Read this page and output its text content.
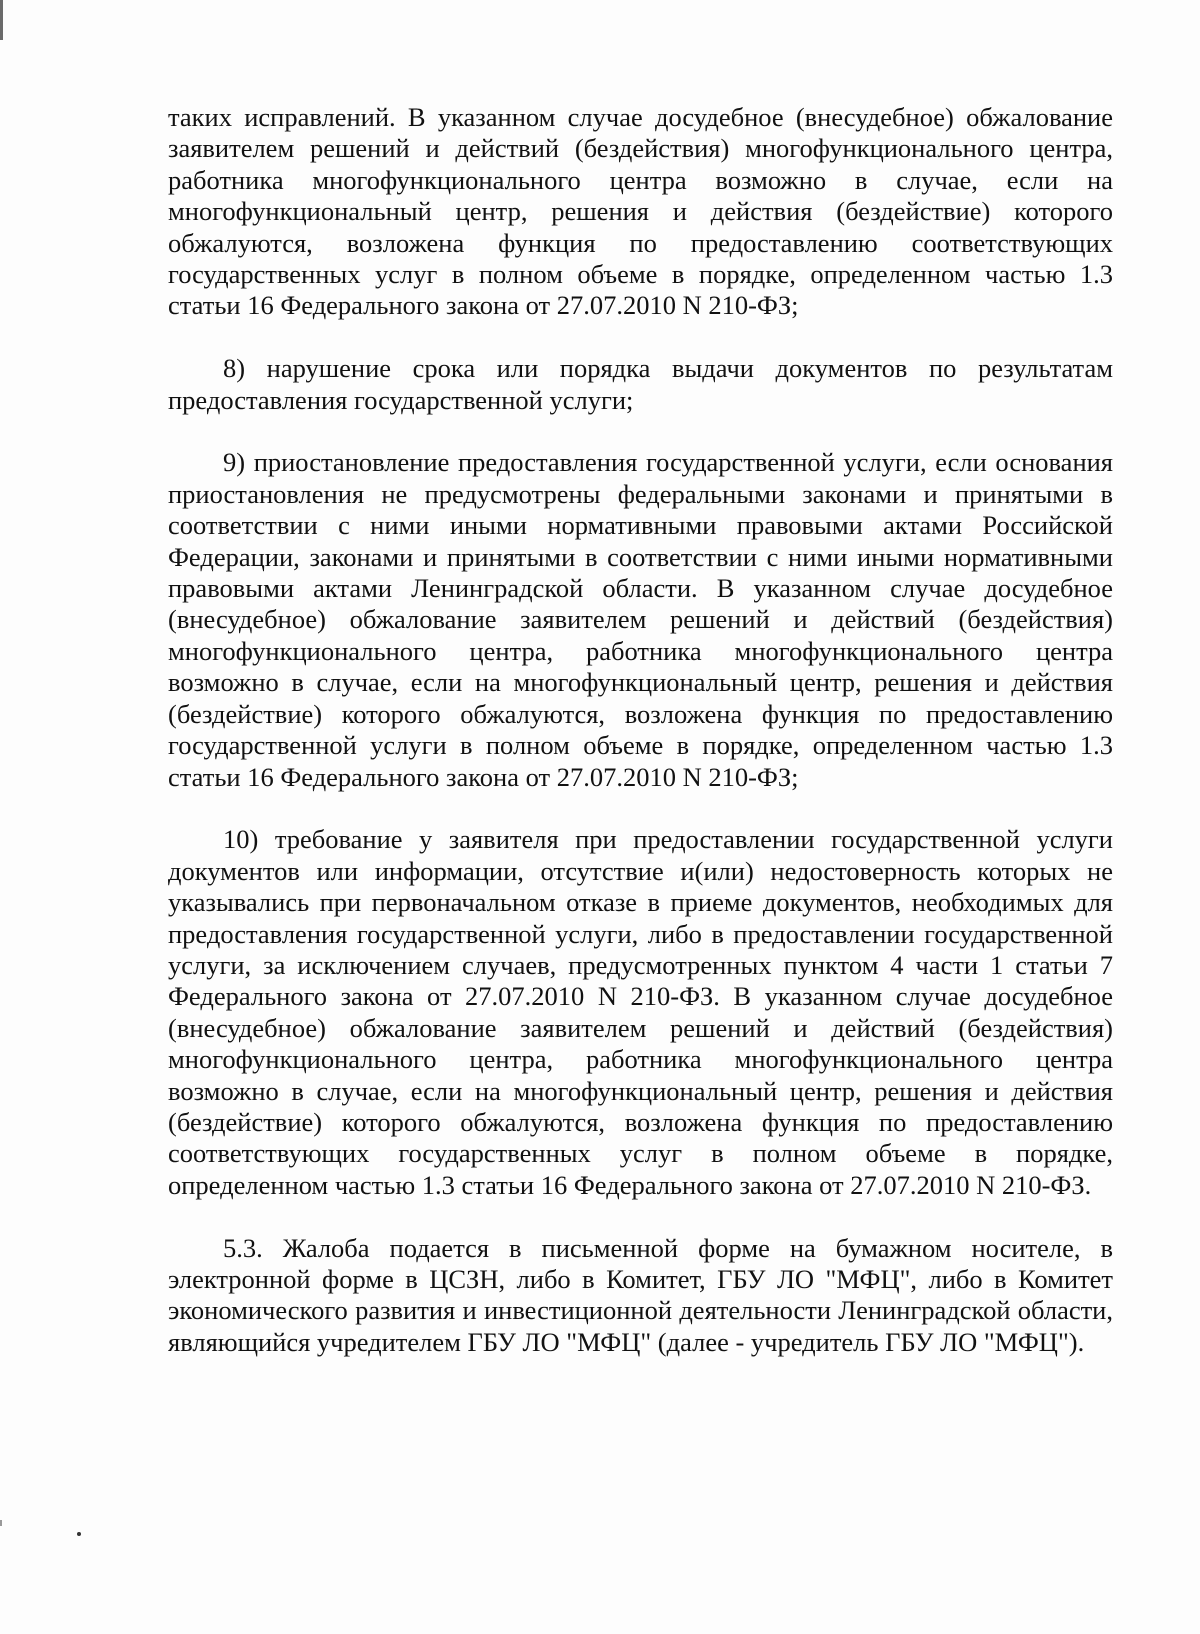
таких исправлений. В указанном случае досудебное (внесудебное) обжалование заявителем решений и действий (бездействия) многофункционального центра, работника многофункционального центра возможно в случае, если на многофункциональный центр, решения и действия (бездействие) которого обжалуются, возложена функция по предоставлению соответствующих государственных услуг в полном объеме в порядке, определенном частью 1.3 статьи 16 Федерального закона от 27.07.2010 N 210-ФЗ;

8) нарушение срока или порядка выдачи документов по результатам предоставления государственной услуги;

9) приостановление предоставления государственной услуги, если основания приостановления не предусмотрены федеральными законами и принятыми в соответствии с ними иными нормативными правовыми актами Российской Федерации, законами и принятыми в соответствии с ними иными нормативными правовыми актами Ленинградской области. В указанном случае досудебное (внесудебное) обжалование заявителем решений и действий (бездействия) многофункционального центра, работника многофункционального центра возможно в случае, если на многофункциональный центр, решения и действия (бездействие) которого обжалуются, возложена функция по предоставлению государственной услуги в полном объеме в порядке, определенном частью 1.3 статьи 16 Федерального закона от 27.07.2010 N 210-ФЗ;

10) требование у заявителя при предоставлении государственной услуги документов или информации, отсутствие и(или) недостоверность которых не указывались при первоначальном отказе в приеме документов, необходимых для предоставления государственной услуги, либо в предоставлении государственной услуги, за исключением случаев, предусмотренных пунктом 4 части 1 статьи 7 Федерального закона от 27.07.2010 N 210-ФЗ. В указанном случае досудебное (внесудебное) обжалование заявителем решений и действий (бездействия) многофункционального центра, работника многофункционального центра возможно в случае, если на многофункциональный центр, решения и действия (бездействие) которого обжалуются, возложена функция по предоставлению соответствующих государственных услуг в полном объеме в порядке, определенном частью 1.3 статьи 16 Федерального закона от 27.07.2010 N 210-ФЗ.

5.3. Жалоба подается в письменной форме на бумажном носителе, в электронной форме в ЦСЗН, либо в Комитет, ГБУ ЛО "МФЦ", либо в Комитет экономического развития и инвестиционной деятельности Ленинградской области, являющийся учредителем ГБУ ЛО "МФЦ" (далее - учредитель ГБУ ЛО "МФЦ").
